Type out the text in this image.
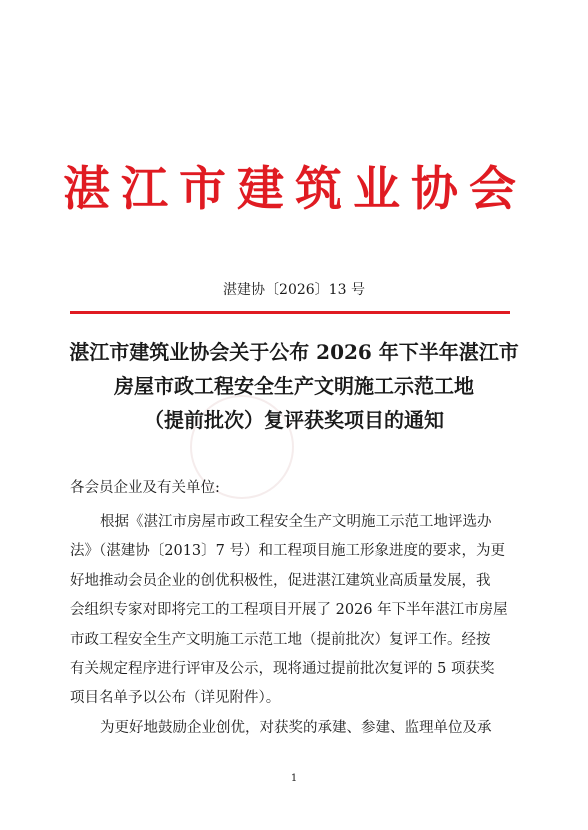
湛江市建筑业协会
湛建协〔2026〕13 号
湛江市建筑业协会关于公布 2026 年下半年湛江市
房屋市政工程安全生产文明施工示范工地
（提前批次）复评获奖项目的通知
各会员企业及有关单位:
根据《湛江市房屋市政工程安全生产文明施工示范工地评选办
法》（湛建协〔2013〕7 号）和工程项目施工形象进度的要求，为更
好地推动会员企业的创优积极性，促进湛江建筑业高质量发展，我
会组织专家对即将完工的工程项目开展了 2026 年下半年湛江市房屋
市政工程安全生产文明施工示范工地（提前批次）复评工作。经按
有关规定程序进行评审及公示，现将通过提前批次复评的 5 项获奖
项目名单予以公布（详见附件）。
为更好地鼓励企业创优，对获奖的承建、参建、监理单位及承
1
